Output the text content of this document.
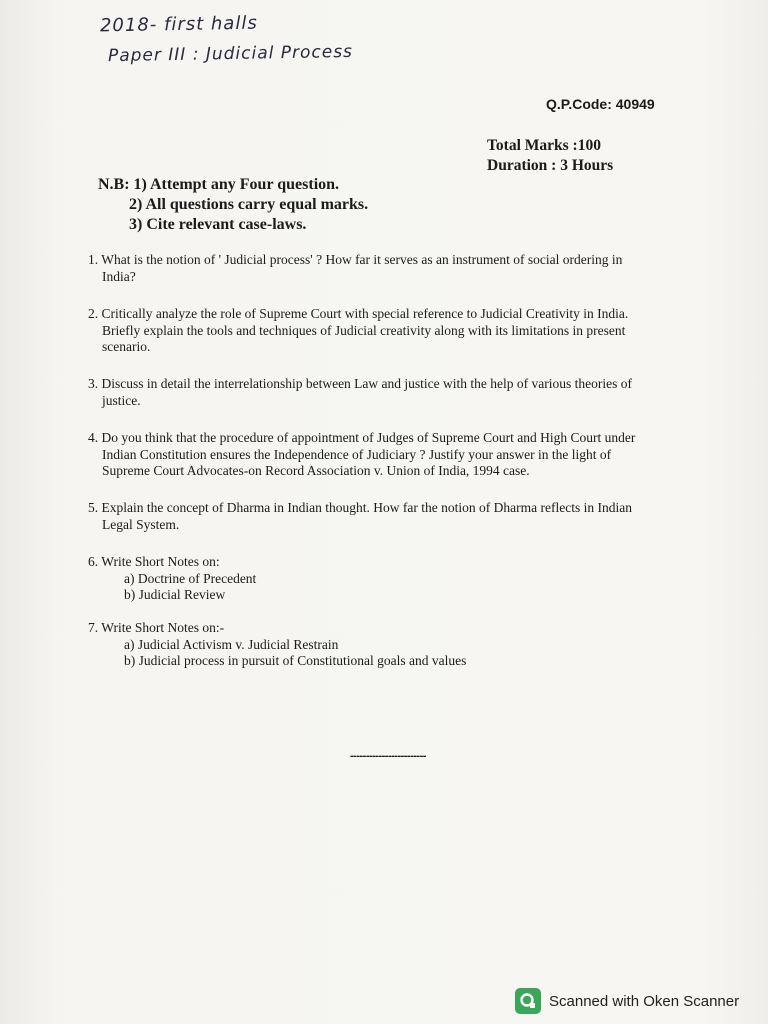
2018- first halls
Paper III : Judicial Process
Q.P.Code: 40949
Total Marks :100
Duration : 3 Hours
N.B: 1) Attempt any Four question.
2) All questions carry equal marks.
3) Cite relevant case-laws.
1. What is the notion of ' Judicial process' ? How far it serves as an instrument of social ordering in
India?
2. Critically analyze the role of Supreme Court with special reference to Judicial Creativity in India.
Briefly explain the tools and techniques of Judicial creativity along with its limitations in present
scenario.
3. Discuss in detail the interrelationship between Law and justice with the help of various theories of
justice.
4. Do you think that the procedure of appointment of Judges of Supreme Court and High Court under
Indian Constitution ensures the Independence of Judiciary ? Justify your answer in the light of
Supreme Court Advocates-on Record Association v. Union of India, 1994 case.
5. Explain the concept of Dharma in Indian thought. How far the notion of Dharma reflects in Indian
Legal System.
6. Write Short Notes on:
a) Doctrine of Precedent
b) Judicial Review
7. Write Short Notes on:-
a) Judicial Activism v. Judicial Restrain
b) Judicial process in pursuit of Constitutional goals and values
------------------------
Scanned with Oken Scanner
